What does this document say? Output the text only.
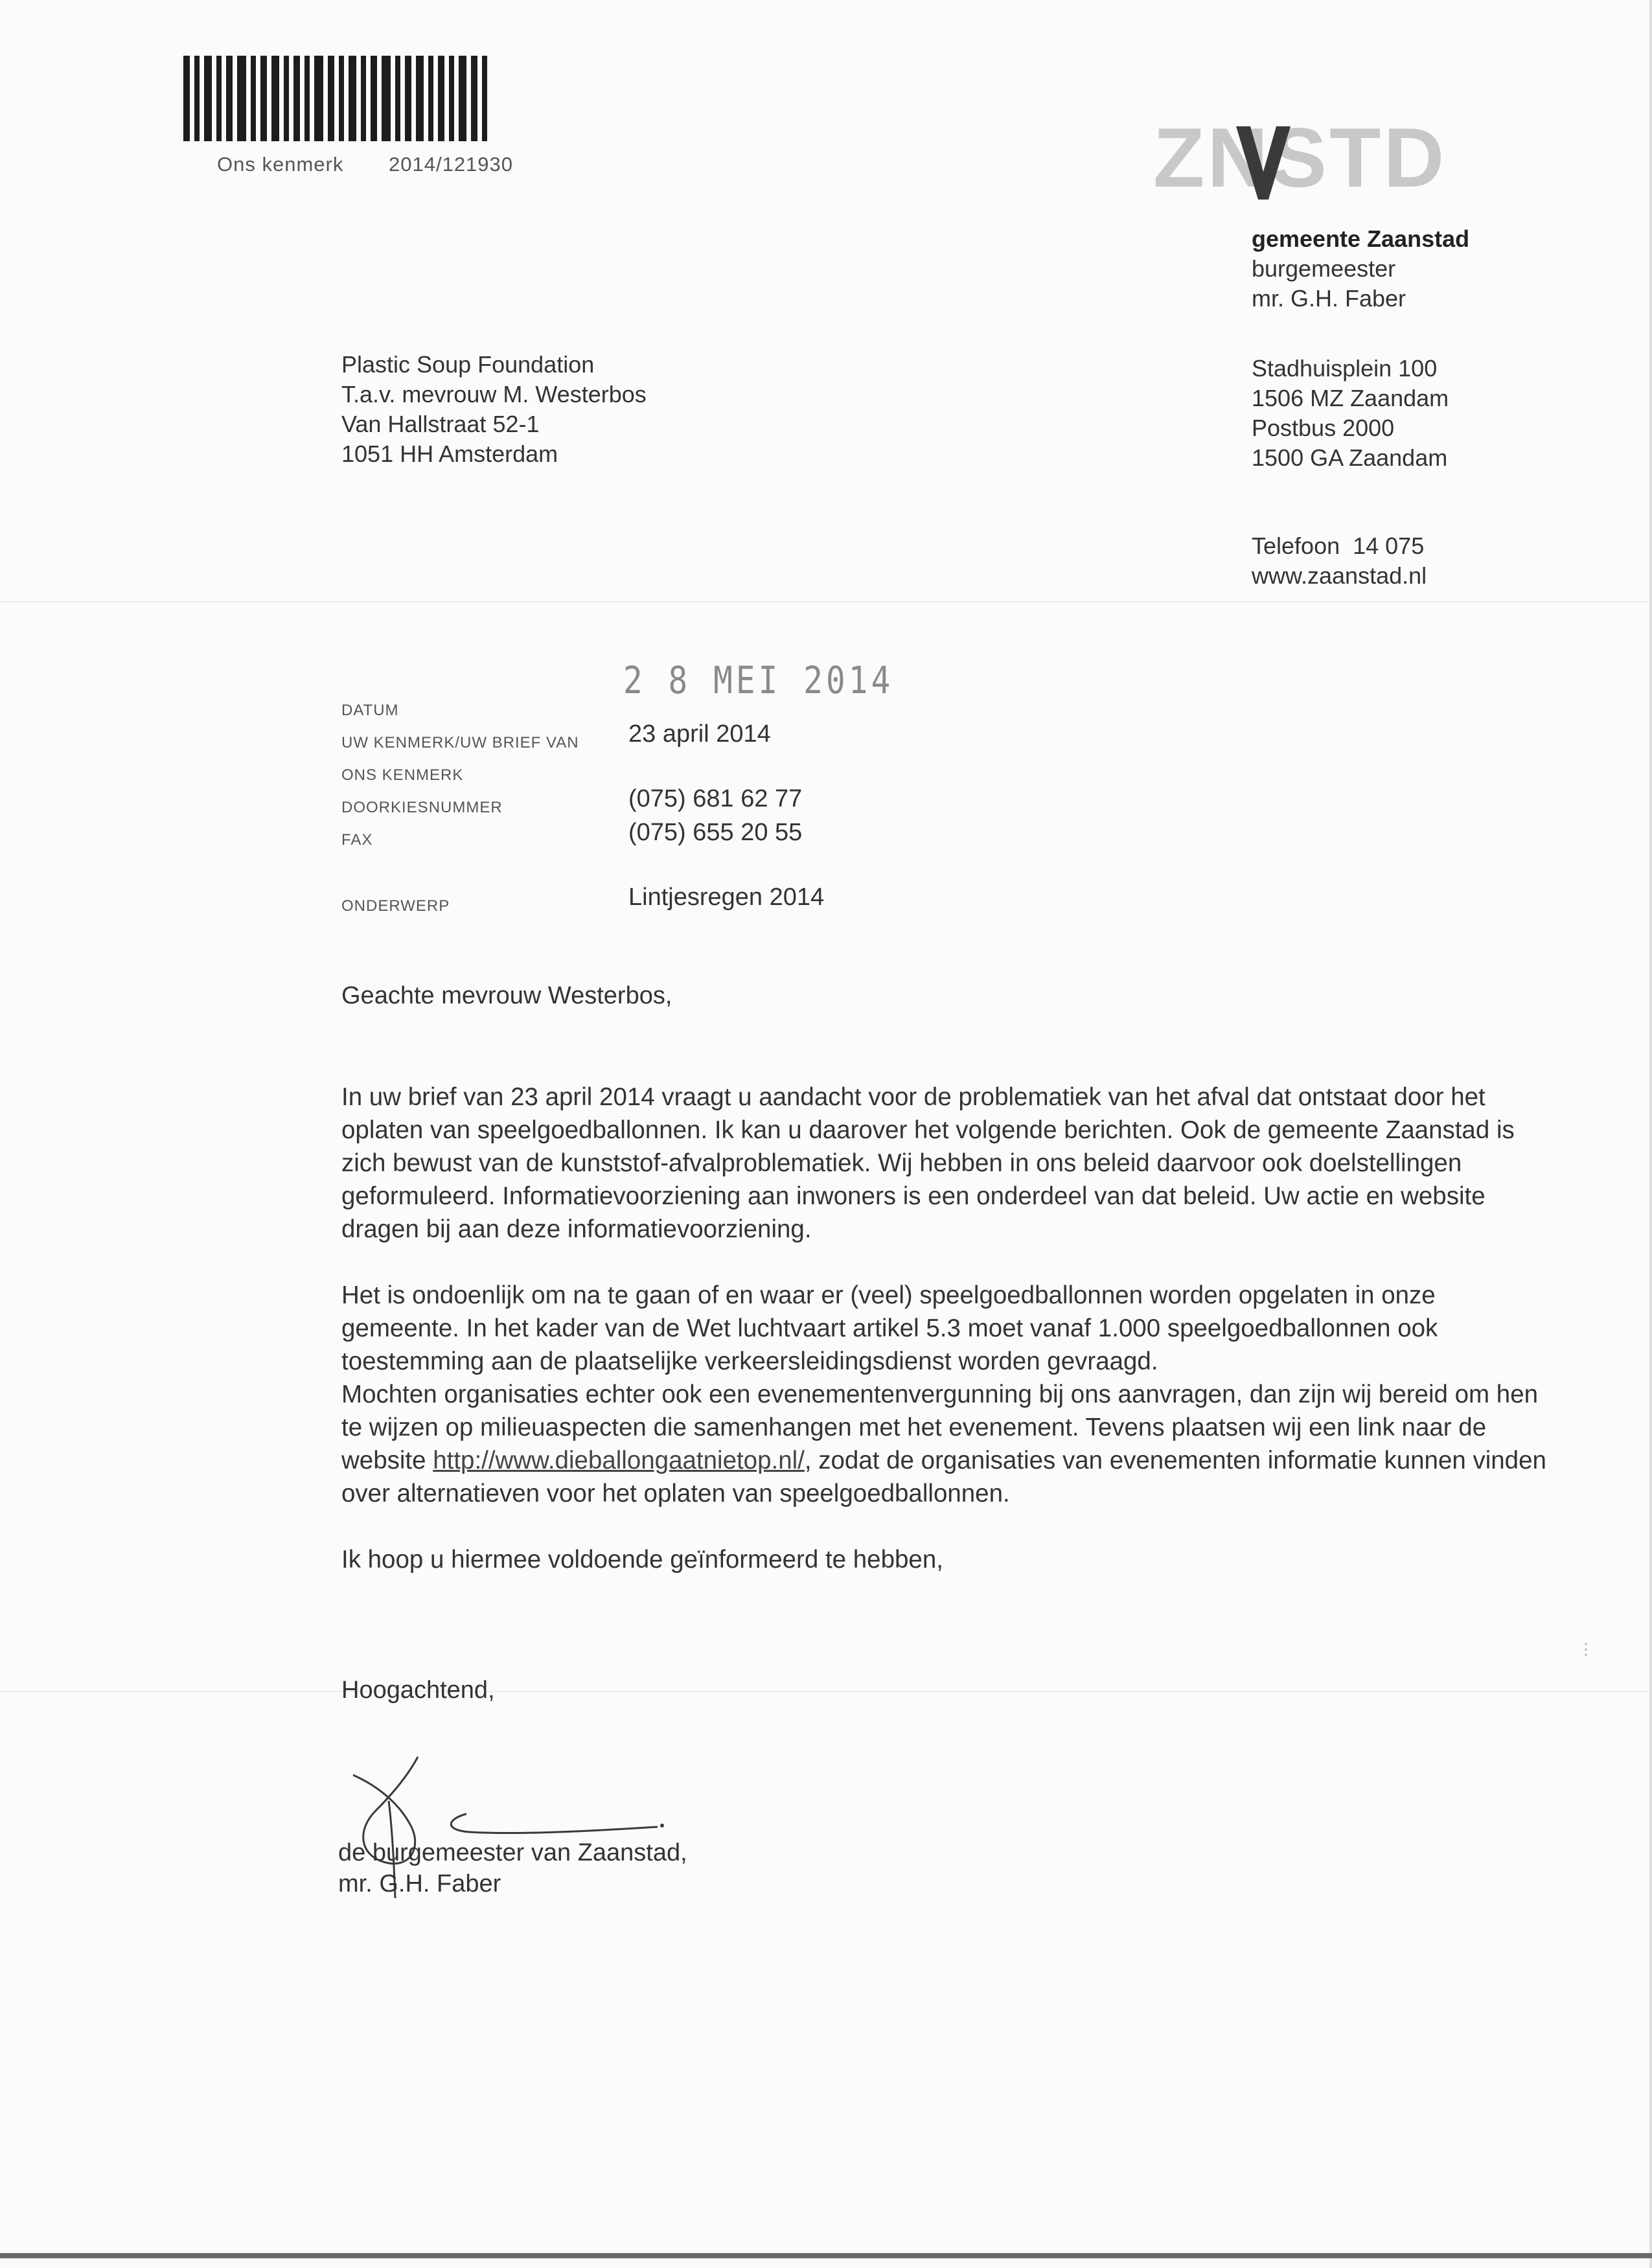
Ons kenmerk 2014/121930	ZNSTD
gemeente Zaanstad
burgemeester
mr. G.H. Faber
Stadhuisplein 100
1506 MZ Zaandam
Postbus 2000
1500 GA Zaandam
Telefoon  14 075
www.zaanstad.nl
Plastic Soup Foundation
T.a.v. mevrouw M. Westerbos
Van Hallstraat 52-1
1051 HH Amsterdam
2 8 MEI 2014
DATUM
UW KENMERK/UW BRIEF VAN 23 april 2014
ONS KENMERK
DOORKIESNUMMER	(075) 681 62 77
FAX	(075) 655 20 55
ONDERWERP	Lintjesregen 2014
Geachte mevrouw Westerbos,

In uw brief van 23 april 2014 vraagt u aandacht voor de problematiek van het afval dat ontstaat door het oplaten van speelgoedballonnen. Ik kan u daarover het volgende berichten. Ook de gemeente Zaanstad is zich bewust van de kunststof-afvalproblematiek. Wij hebben in ons beleid daarvoor ook doelstellingen geformuleerd. Informatievoorziening aan inwoners is een onderdeel van dat beleid. Uw actie en website dragen bij aan deze informatievoorziening.

Het is ondoenlijk om na te gaan of en waar er (veel) speelgoedballonnen worden opgelaten in onze gemeente. In het kader van de Wet luchtvaart artikel 5.3 moet vanaf 1.000 speelgoedballonnen ook toestemming aan de plaatselijke verkeersleidingsdienst worden gevraagd.

Mochten organisaties echter ook een evenementenvergunning bij ons aanvragen, dan zijn wij bereid om hen te wijzen op milieuaspecten die samenhangen met het evenement. Tevens plaatsen wij een link naar de website http://www.dieballongaatnietop.nl/, zodat de organisaties van evenementen informatie kunnen vinden over alternatieven voor het oplaten van speelgoedballonnen.

Ik hoop u hiermee voldoende geïnformeerd te hebben,

Hoogachtend,
de burgemeester van Zaanstad,
mr. G.H. Faber
⋮
